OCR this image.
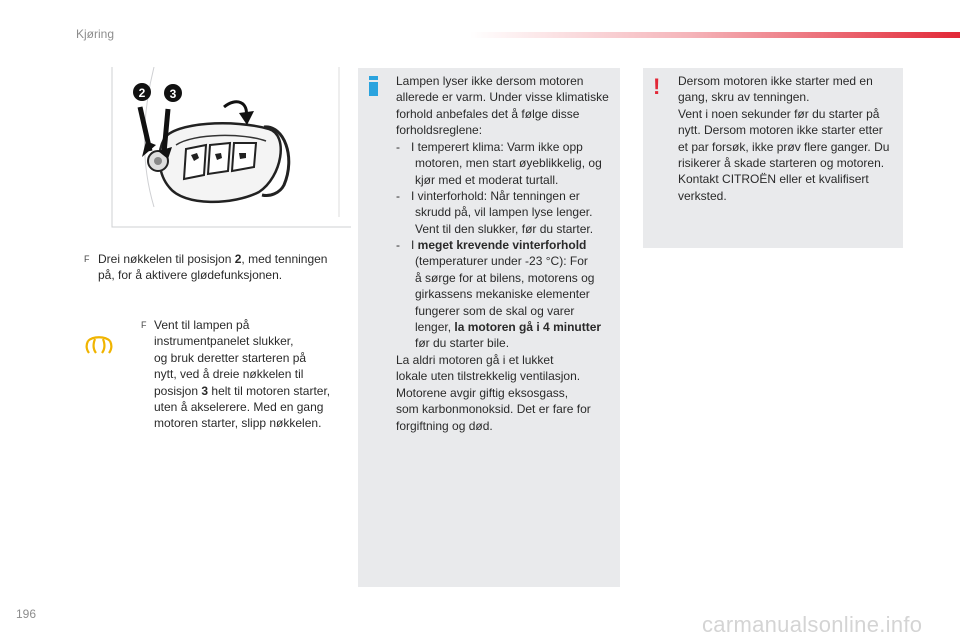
Kjøring
2 3
F Drei nøkkelen til posisjon 2, med tenningen
på, for å aktivere glødefunksjonen.
F Vent til lampen på
instrumentpanelet slukker,
og bruk deretter starteren på
nytt, ved å dreie nøkkelen til
posisjon 3 helt til motoren starter,
uten å akselerere. Med en gang
motoren starter, slipp nøkkelen.
Lampen lyser ikke dersom motoren
allerede er varm. Under visse klimatiske
forhold anbefales det å følge disse
forholdsreglene:
- I temperert klima: Varm ikke opp
motoren, men start øyeblikkelig, og
kjør med et moderat turtall.
- I vinterforhold: Når tenningen er
skrudd på, vil lampen lyse lenger.
Vent til den slukker, før du starter.
- I meget krevende vinterforhold
(temperaturer under -23 °C): For
å sørge for at bilens, motorens og
girkassens mekaniske elementer
fungerer som de skal og varer
lenger, la motoren gå i 4 minutter
før du starter bile.
La aldri motoren gå i et lukket
lokale uten tilstrekkelig ventilasjon.
Motorene avgir giftig eksosgass,
som karbonmonoksid. Det er fare for
forgiftning og død.
! Dersom motoren ikke starter med en
gang, skru av tenningen.
Vent i noen sekunder før du starter på
nytt. Dersom motoren ikke starter etter
et par forsøk, ikke prøv flere ganger. Du
risikerer å skade starteren og motoren.
Kontakt CITROËN eller et kvalifisert
verksted.
196	carmanualsonline.info
